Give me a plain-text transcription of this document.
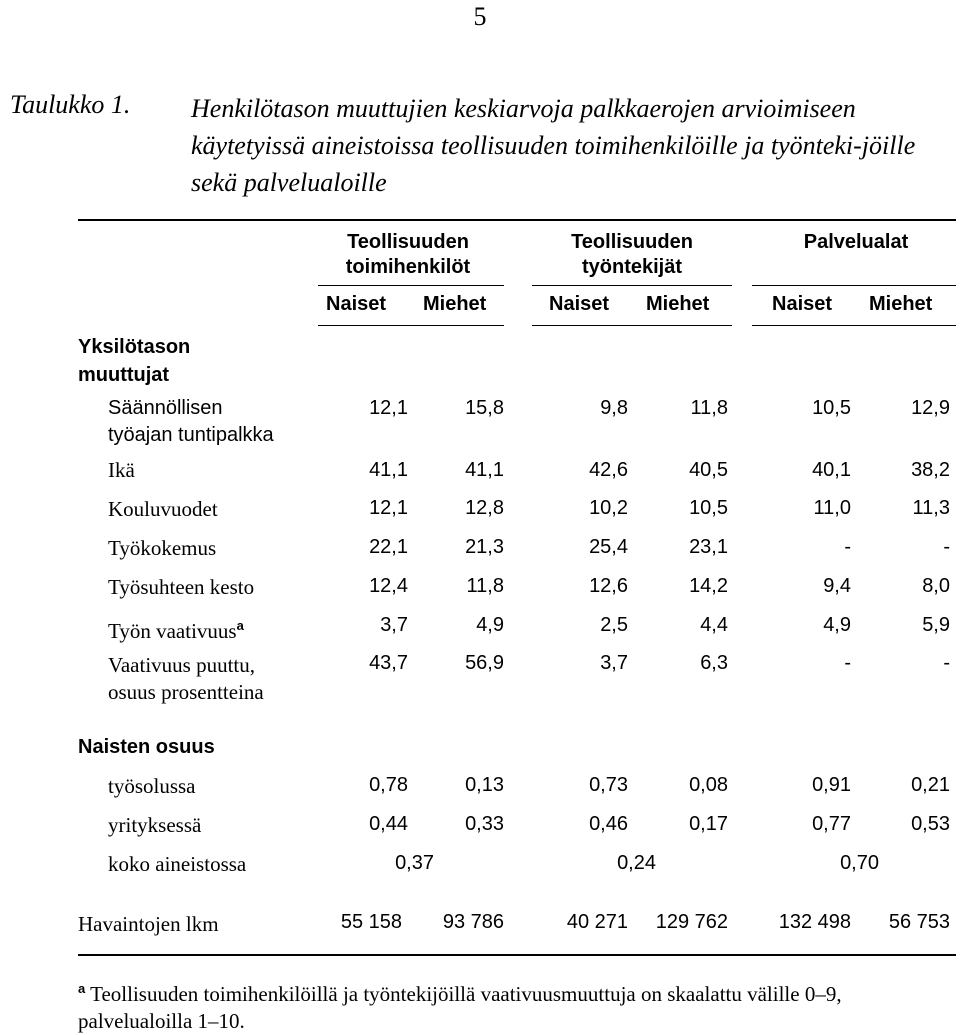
5
Taulukko 1. Henkilötason muuttujien keskiarvoja palkkaerojen arvioimiseen käytetyissä aineistoissa teollisuuden toimihenkilöille ja työnteki-jöille sekä palvelualoille
Teollisuuden
toimihenkilöt
Teollisuuden
työntekijät
Palvelualat
Naiset Miehet	Naiset Miehet	Naiset Miehet
Yksilötason
muuttujat
Säännöllisen
työajan tuntipalkka
12,1	15,8	9,8	11,8	10,5	12,9
Ikä	41,1	41,1	42,6	40,5	40,1	38,2
Kouluvuodet	12,1	12,8	10,2	10,5	11,0	11,3
Työkokemus	22,1	21,3	25,4	23,1	-	-
Työsuhteen kesto	12,4	11,8	12,6	14,2	9,4	8,0
Työn vaativuus$^a$	3,7	4,9	2,5	4,4	4,9	5,9
Vaativuus puuttu,
osuus prosentteina
43,7	56,9	3,7	6,3	-	-
Naisten osuus
työsolussa	0,78	0,13	0,73	0,08	0,91	0,21
yrityksessä	0,44	0,33	0,46	0,17	0,77	0,53
koko aineistossa	0,37	0,24	0,70
Havaintojen lkm	55 158	93 786	40 271	129 762	132 498	56 753
$^a$ Teollisuuden toimihenkilöillä ja työntekijöillä vaativuusmuuttuja on skaalattu välille 0–9, palvelualoilla 1–10.
